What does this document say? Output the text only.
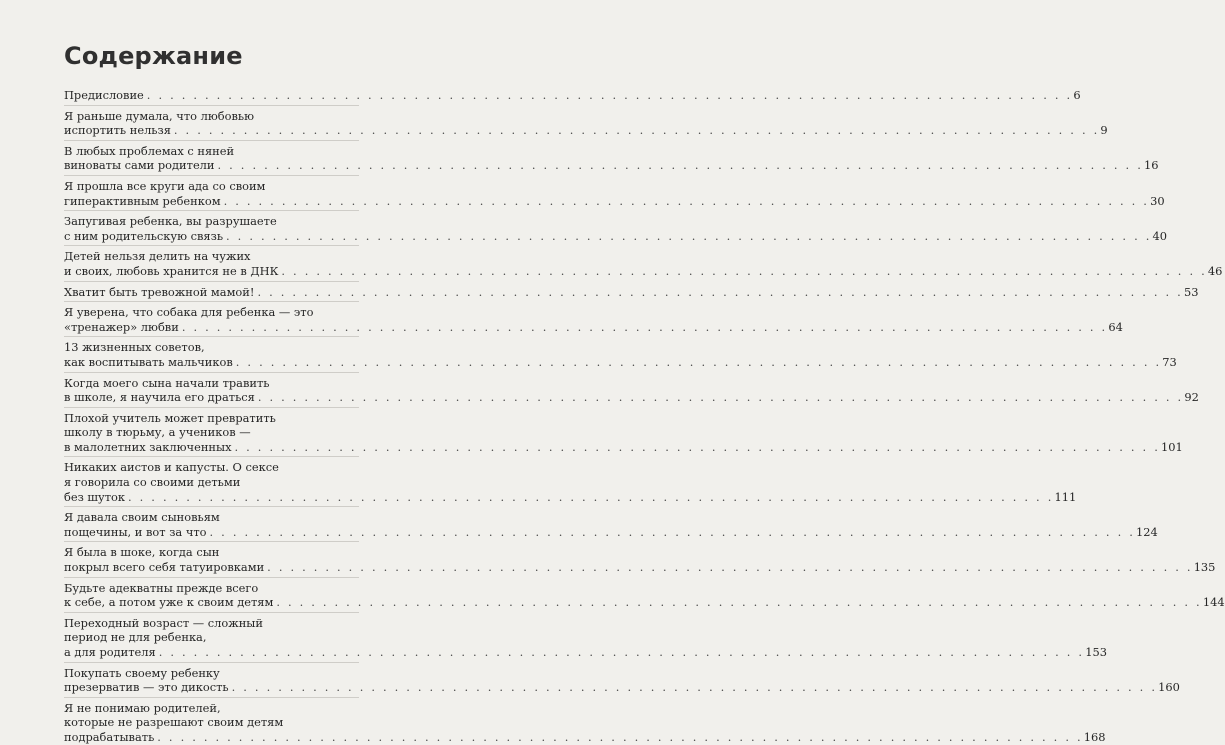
Содержание
Предисловие . . . . . . . . . . . . . . . . . . . . . . . . . . . . . . . . . . . . . . . . . . . . . . . . . . . . . . . . . . . . . . . . . . . . . . . . . . . . . . . . 6
Я раньше думала, что любовью
испортить нельзя . . . . . . . . . . . . . . . . . . . . . . . . . . . . . . . . . . . . . . . . . . . . . . . . . . . . . . . . . . . . . . . . . . . . . . . . . . . . . . . . 9
В любых проблемах с няней
виноваты сами родители . . . . . . . . . . . . . . . . . . . . . . . . . . . . . . . . . . . . . . . . . . . . . . . . . . . . . . . . . . . . . . . . . . . . . . . . . . . . . . . . 16
Я прошла все круги ада со своим
гиперактивным ребенком . . . . . . . . . . . . . . . . . . . . . . . . . . . . . . . . . . . . . . . . . . . . . . . . . . . . . . . . . . . . . . . . . . . . . . . . . . . . . . . . 30
Запугивая ребенка, вы разрушаете
с ним родительскую связь . . . . . . . . . . . . . . . . . . . . . . . . . . . . . . . . . . . . . . . . . . . . . . . . . . . . . . . . . . . . . . . . . . . . . . . . . . . . . . . . 40
Детей нельзя делить на чужих
и своих, любовь хранится не в ДНК . . . . . . . . . . . . . . . . . . . . . . . . . . . . . . . . . . . . . . . . . . . . . . . . . . . . . . . . . . . . . . . . . . . . . . . . . . . . . . . . 46
Хватит быть тревожной мамой! . . . . . . . . . . . . . . . . . . . . . . . . . . . . . . . . . . . . . . . . . . . . . . . . . . . . . . . . . . . . . . . . . . . . . . . . . . . . . . . . 53
Я уверена, что собака для ребенка — это
«тренажер» любви . . . . . . . . . . . . . . . . . . . . . . . . . . . . . . . . . . . . . . . . . . . . . . . . . . . . . . . . . . . . . . . . . . . . . . . . . . . . . . . . 64
13 жизненных советов,
как воспитывать мальчиков . . . . . . . . . . . . . . . . . . . . . . . . . . . . . . . . . . . . . . . . . . . . . . . . . . . . . . . . . . . . . . . . . . . . . . . . . . . . . . . . 73
Когда моего сына начали травить
в школе, я научила его драться . . . . . . . . . . . . . . . . . . . . . . . . . . . . . . . . . . . . . . . . . . . . . . . . . . . . . . . . . . . . . . . . . . . . . . . . . . . . . . . . 92
Плохой учитель может превратить
школу в тюрьму, а учеников —
в малолетних заключенных . . . . . . . . . . . . . . . . . . . . . . . . . . . . . . . . . . . . . . . . . . . . . . . . . . . . . . . . . . . . . . . . . . . . . . . . . . . . . . . . 101
Никаких аистов и капусты. О сексе
я говорила со своими детьми
без шуток . . . . . . . . . . . . . . . . . . . . . . . . . . . . . . . . . . . . . . . . . . . . . . . . . . . . . . . . . . . . . . . . . . . . . . . . . . . . . . . . 111
Я давала своим сыновьям
пощечины, и вот за что . . . . . . . . . . . . . . . . . . . . . . . . . . . . . . . . . . . . . . . . . . . . . . . . . . . . . . . . . . . . . . . . . . . . . . . . . . . . . . . . 124
Я была в шоке, когда сын
покрыл всего себя татуировками . . . . . . . . . . . . . . . . . . . . . . . . . . . . . . . . . . . . . . . . . . . . . . . . . . . . . . . . . . . . . . . . . . . . . . . . . . . . . . . . 135
Будьте адекватны прежде всего
к себе, а потом уже к своим детям . . . . . . . . . . . . . . . . . . . . . . . . . . . . . . . . . . . . . . . . . . . . . . . . . . . . . . . . . . . . . . . . . . . . . . . . . . . . . . . . 144
Переходный возраст — сложный
период не для ребенка,
а для родителя . . . . . . . . . . . . . . . . . . . . . . . . . . . . . . . . . . . . . . . . . . . . . . . . . . . . . . . . . . . . . . . . . . . . . . . . . . . . . . . . 153
Покупать своему ребенку
презерватив — это дикость . . . . . . . . . . . . . . . . . . . . . . . . . . . . . . . . . . . . . . . . . . . . . . . . . . . . . . . . . . . . . . . . . . . . . . . . . . . . . . . . 160
Я не понимаю родителей,
которые не разрешают своим детям
подрабатывать . . . . . . . . . . . . . . . . . . . . . . . . . . . . . . . . . . . . . . . . . . . . . . . . . . . . . . . . . . . . . . . . . . . . . . . . . . . . . . . . 168
